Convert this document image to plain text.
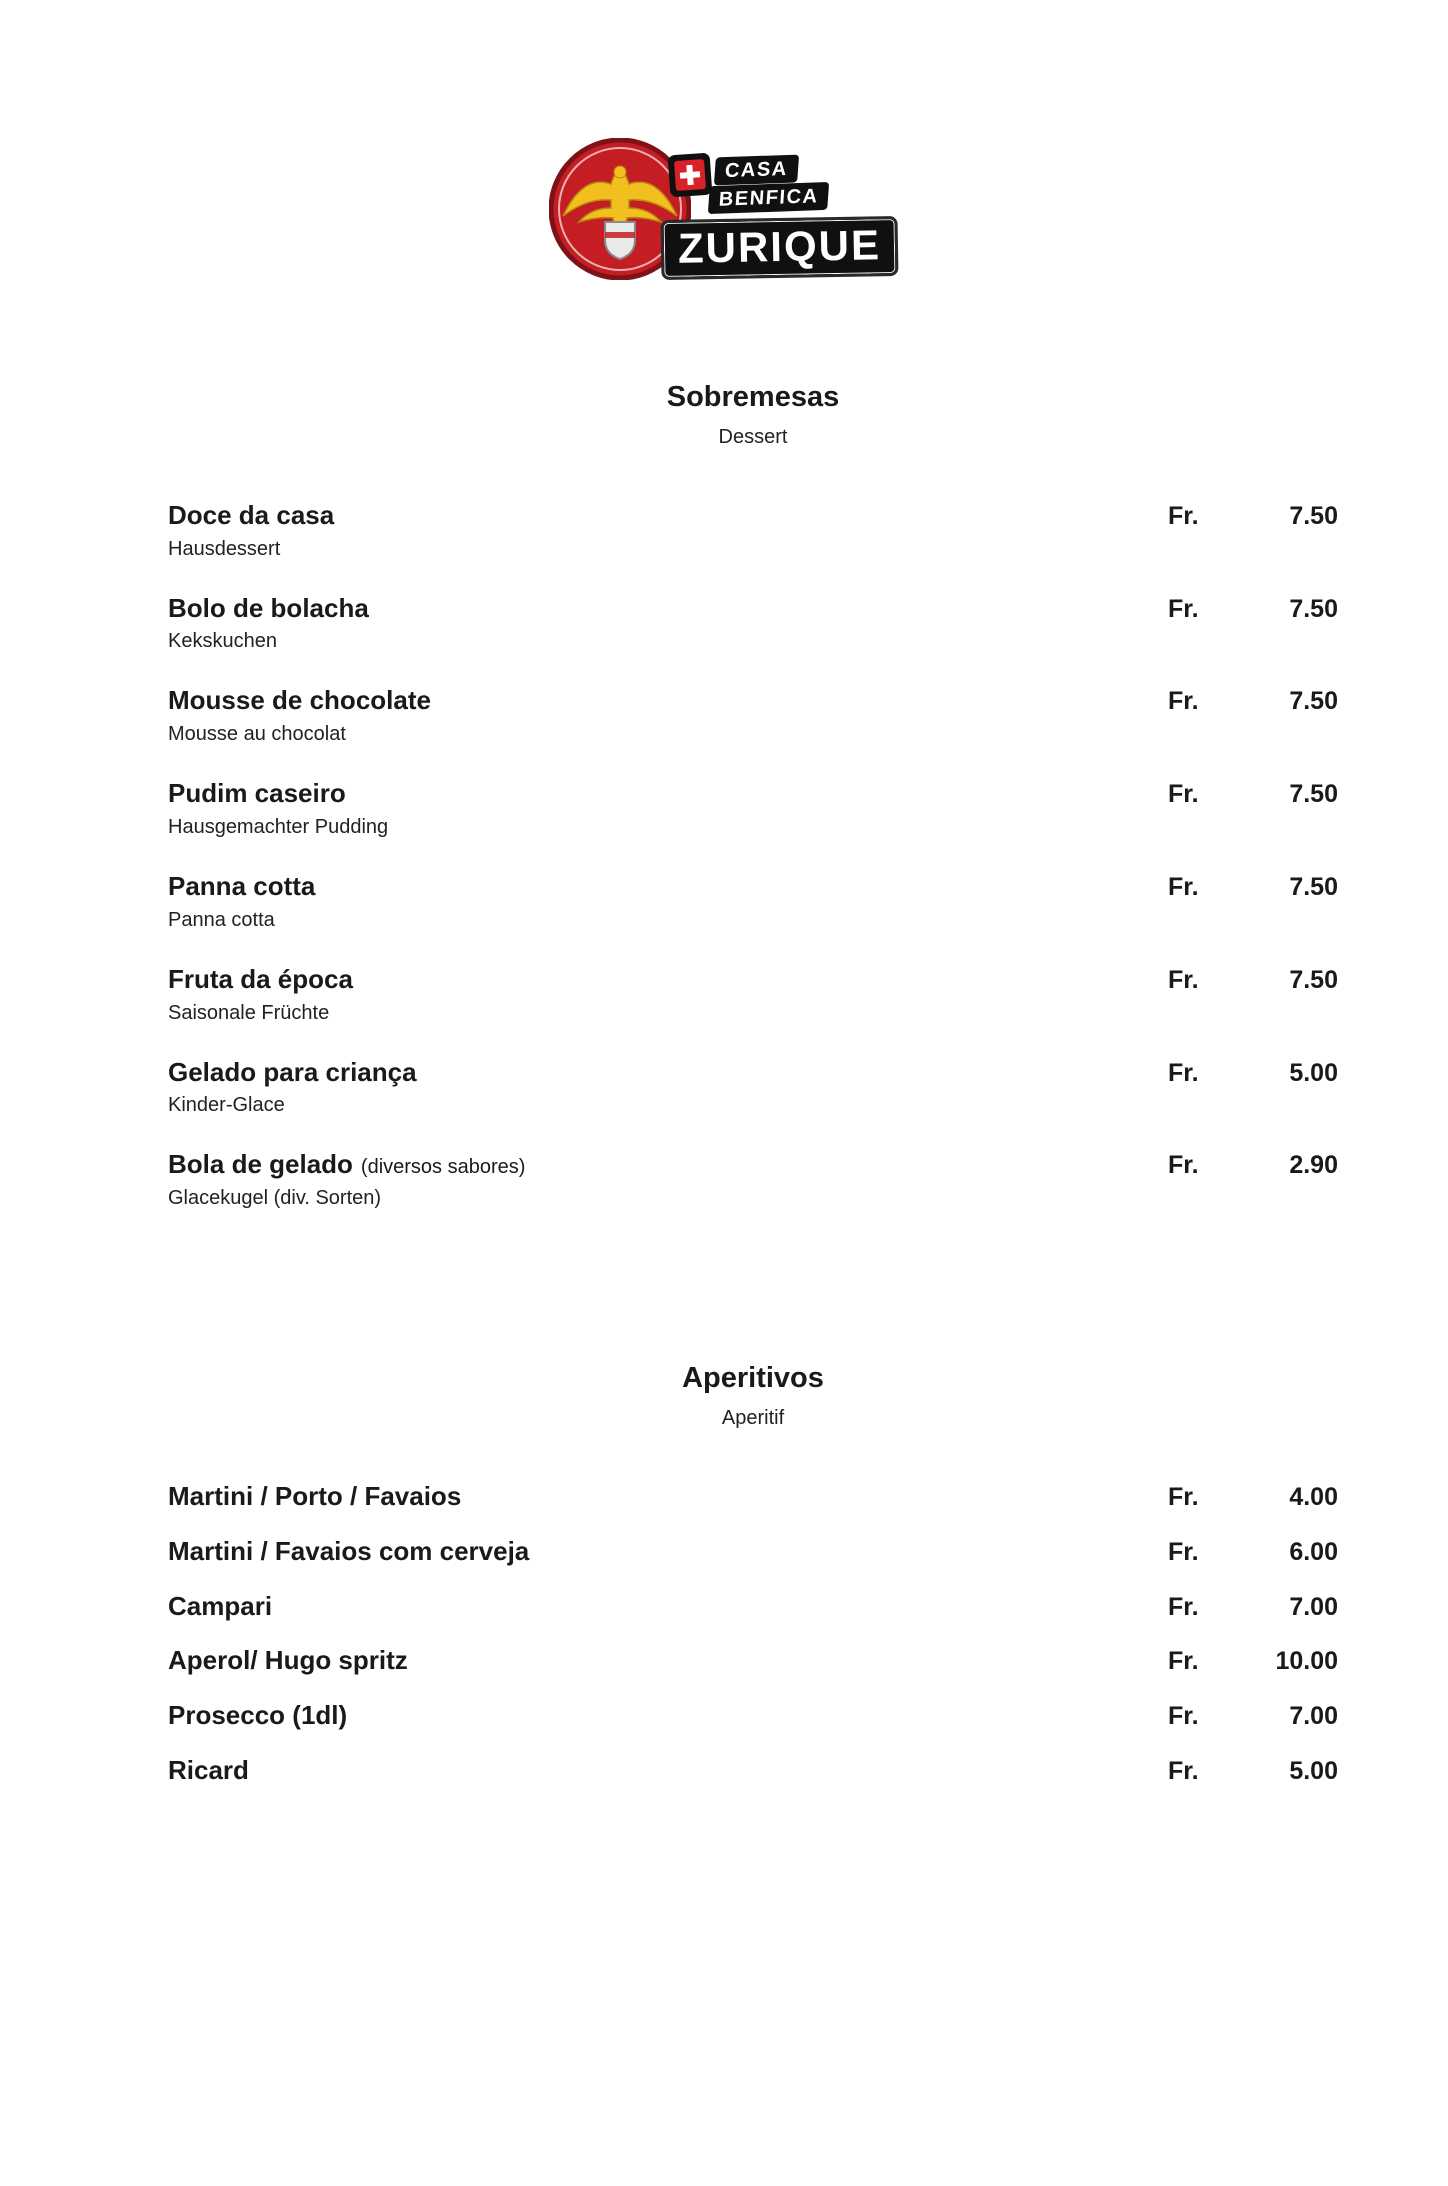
CASA
BENFICA
ZURIQUE
Sobremesas
Dessert
Doce da casa
Hausdessert
Fr.	7.50
Bolo de bolacha
Kekskuchen
Fr.	7.50
Mousse de chocolate
Mousse au chocolat
Fr.	7.50
Pudim caseiro
Hausgemachter Pudding
Fr.	7.50
Panna cotta
Panna cotta
Fr.	7.50
Fruta da época
Saisonale Früchte
Fr.	7.50
Gelado para criança
Kinder-Glace
Fr.	5.00
Bola de gelado (diversos sabores)
Glacekugel (div. Sorten)
Fr.	2.90
Aperitivos
Aperitif
Martini / Porto / Favaios	Fr.	4.00
Martini / Favaios com cerveja	Fr.	6.00
Campari	Fr.	7.00
Aperol/ Hugo spritz	Fr.	10.00
Prosecco (1dl)	Fr.	7.00
Ricard	Fr.	5.00
